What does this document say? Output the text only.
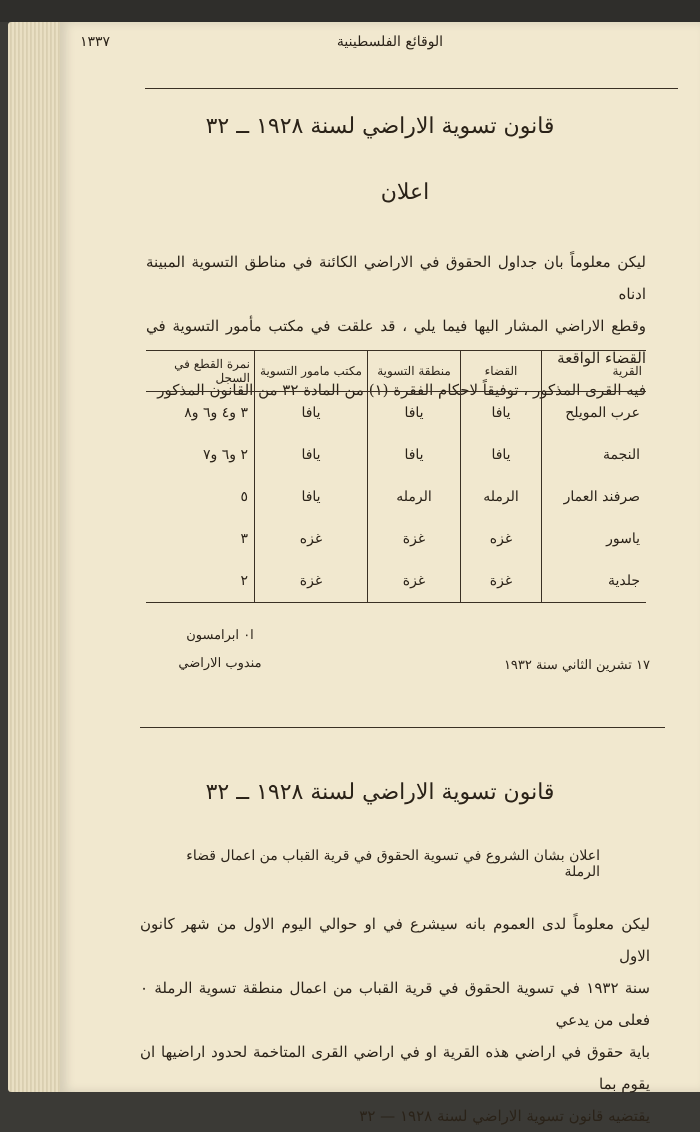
الوقائع الفلسطينية
١٣٣٧
قانون تسوية الاراضي لسنة ١٩٢٨ ــ ٣٢
اعلان
ليكن معلوماً بان جداول الحقوق في الاراضي الكائنة في مناطق التسوية المبينة ادناه
وقطع الاراضي المشار اليها فيما يلي ، قد علقت في مكتب مأمور التسوية في القضاء الواقعة
فيه القرى المذكور ، توفيقاً لاحكام الفقرة (١) من المادة ٣٢ من القانون المذكور
القرية	القضاء	منطقة التسوية	مكتب مامور التسوية	نمرة القطع في السجل
عرب المويلح	يافا	يافا	يافا	٣ و٤ و٦ و٨
النجمة	يافا	يافا	يافا	٢ و٦ و٧
صرفند العمار	الرمله	الرمله	يافا	٥
ياسور	غزه	غزة	غزه	٣
جلدية	غزة	غزة	غزة	٢
ا٠ ابرامسون
مندوب الاراضي	١٧ تشرين الثاني سنة ١٩٣٢
قانون تسوية الاراضي لسنة ١٩٢٨ ــ ٣٢
اعلان بشان الشروع في تسوية الحقوق في قرية القباب من اعمال قضاء الرملة
ليكن معلوماً لدى العموم بانه سيشرع في او حوالي اليوم الاول من شهر كانون الاول
سنة ١٩٣٢ في تسوية الحقوق في قرية القباب من اعمال منطقة تسوية الرملة ٠ فعلى من يدعي
باية حقوق في اراضي هذه القرية او في اراضي القرى المتاخمة لحدود اراضيها ان يقوم بما
يقتضيه قانون تسوية الاراضي لسنة ١٩٢٨ — ٣٢
